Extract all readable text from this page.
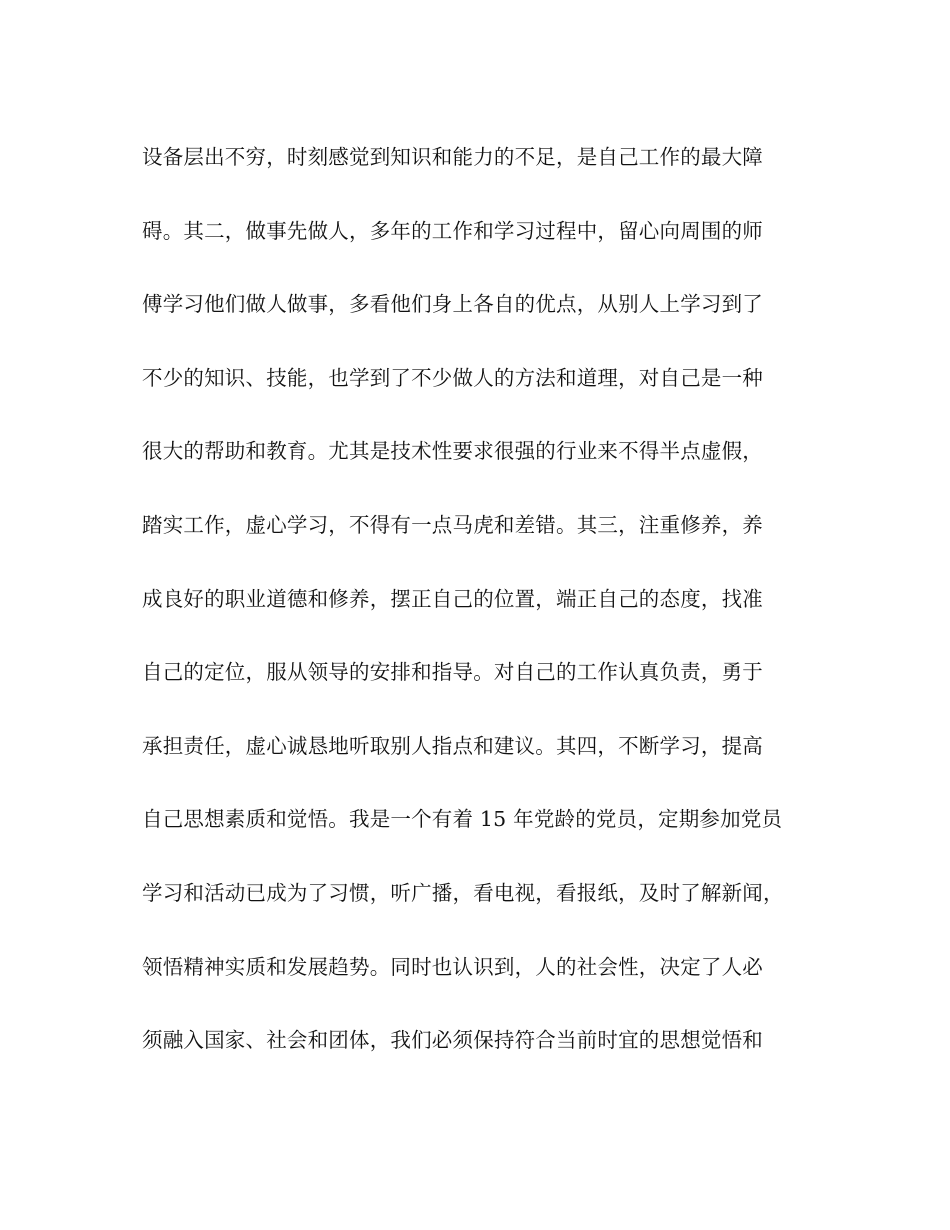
设备层出不穷，时刻感觉到知识和能力的不足，是自己工作的最大障
碍。其二，做事先做人，多年的工作和学习过程中，留心向周围的师
傅学习他们做人做事，多看他们身上各自的优点，从别人上学习到了
不少的知识、技能，也学到了不少做人的方法和道理，对自己是一种
很大的帮助和教育。尤其是技术性要求很强的行业来不得半点虚假，
踏实工作，虚心学习，不得有一点马虎和差错。其三，注重修养，养
成良好的职业道德和修养，摆正自己的位置，端正自己的态度，找准
自己的定位，服从领导的安排和指导。对自己的工作认真负责，勇于
承担责任，虚心诚恳地听取别人指点和建议。其四，不断学习，提高
自己思想素质和觉悟。我是一个有着 15 年党龄的党员，定期参加党员
学习和活动已成为了习惯，听广播，看电视，看报纸，及时了解新闻，
领悟精神实质和发展趋势。同时也认识到，人的社会性，决定了人必
须融入国家、社会和团体，我们必须保持符合当前时宜的思想觉悟和
